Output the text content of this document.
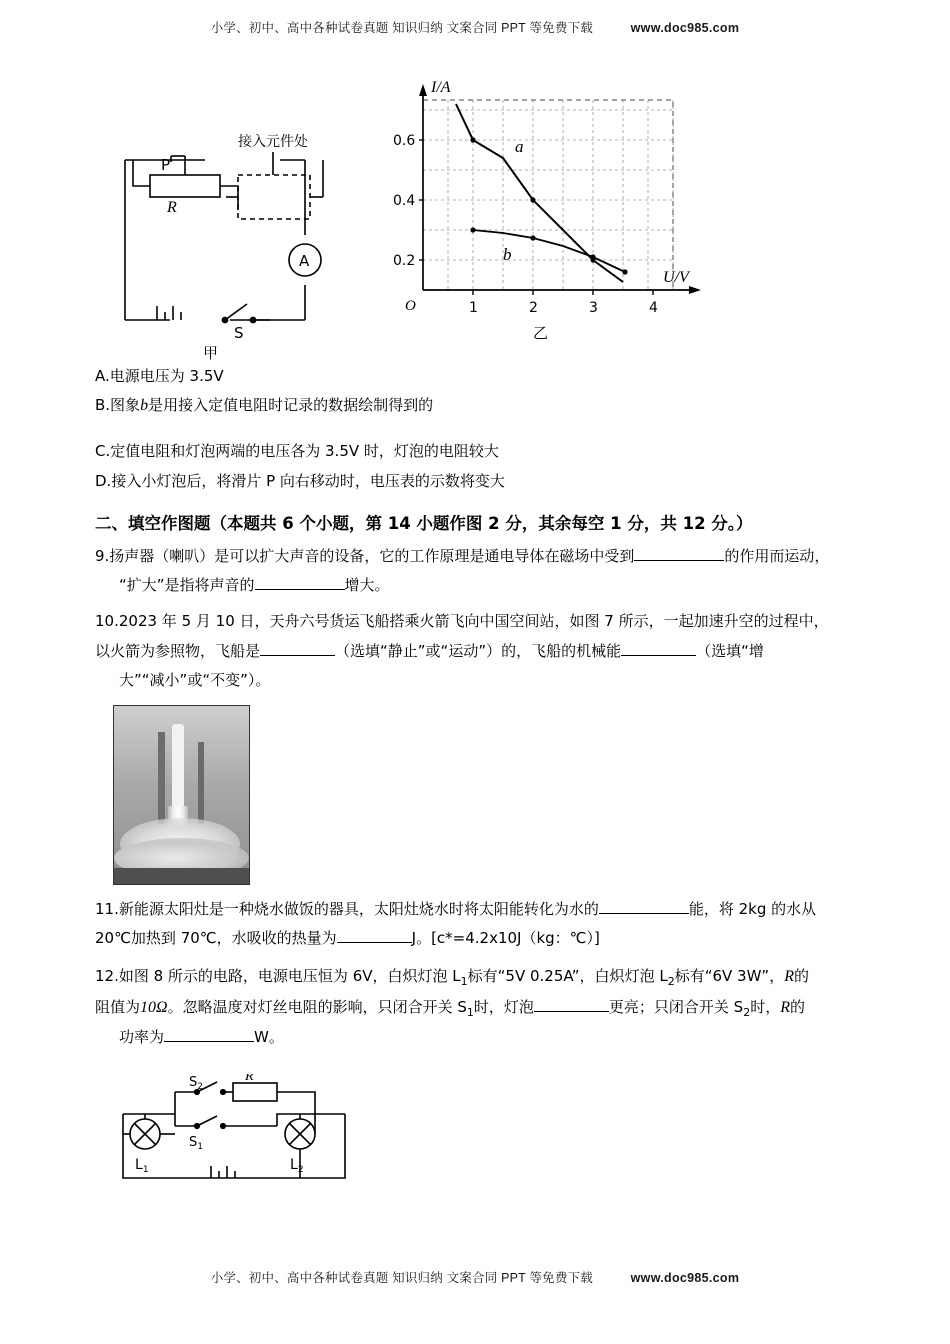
小学、初中、高中各种试卷真题 知识归纳 文案合同 PPT 等免费下载	www.doc985.com
P
R
接入元件处
A
S
甲
0.6
0.4
0.2
1	2	3	4
I/A
U/V
O
a
b
乙
A.电源电压为 3.5V
B.图象b是用接入定值电阻时记录的数据绘制得到的
C.定值电阻和灯泡两端的电压各为 3.5V 时，灯泡的电阻较大
D.接入小灯泡后，将滑片 P 向右移动时，电压表的示数将变大
二、填空作图题（本题共 6 个小题，第 14 小题作图 2 分，其余每空 1 分，共 12 分。）
9.扬声器（喇叭）是可以扩大声音的设备，它的工作原理是通电导体在磁场中受到	的作用而运动，
“扩大”是指将声音的	增大。
10.2023 年 5 月 10 日，天舟六号货运飞船搭乘火箭飞向中国空间站，如图 7 所示，一起加速升空的过程中，
以火箭为参照物，飞船是	（选填“静止”或“运动”）的，飞船的机械能	（选填“增
大”“减小”或“不变”）。
11.新能源太阳灶是一种烧水做饭的器具，太阳灶烧水时将太阳能转化为水的	能，将 2kg 的水从
20℃加热到 70℃，水吸收的热量为	J。[c*=4.2x10J（kg：℃）]
12.如图 8 所示的电路，电源电压恒为 6V，白炽灯泡 $L_1$标有“5V 0.25A”，白炽灯泡 $L_2$标有“6V 3W”，R的
阻值为10Ω。忽略温度对灯丝电阻的影响，只闭合开关 $S_1$时，灯泡	更亮；只闭合开关 $S_2$时，R的
功率为	W。
$S_2$
R
$S_1$
$L_1$	$L_2$
小学、初中、高中各种试卷真题 知识归纳 文案合同 PPT 等免费下载	www.doc985.com
